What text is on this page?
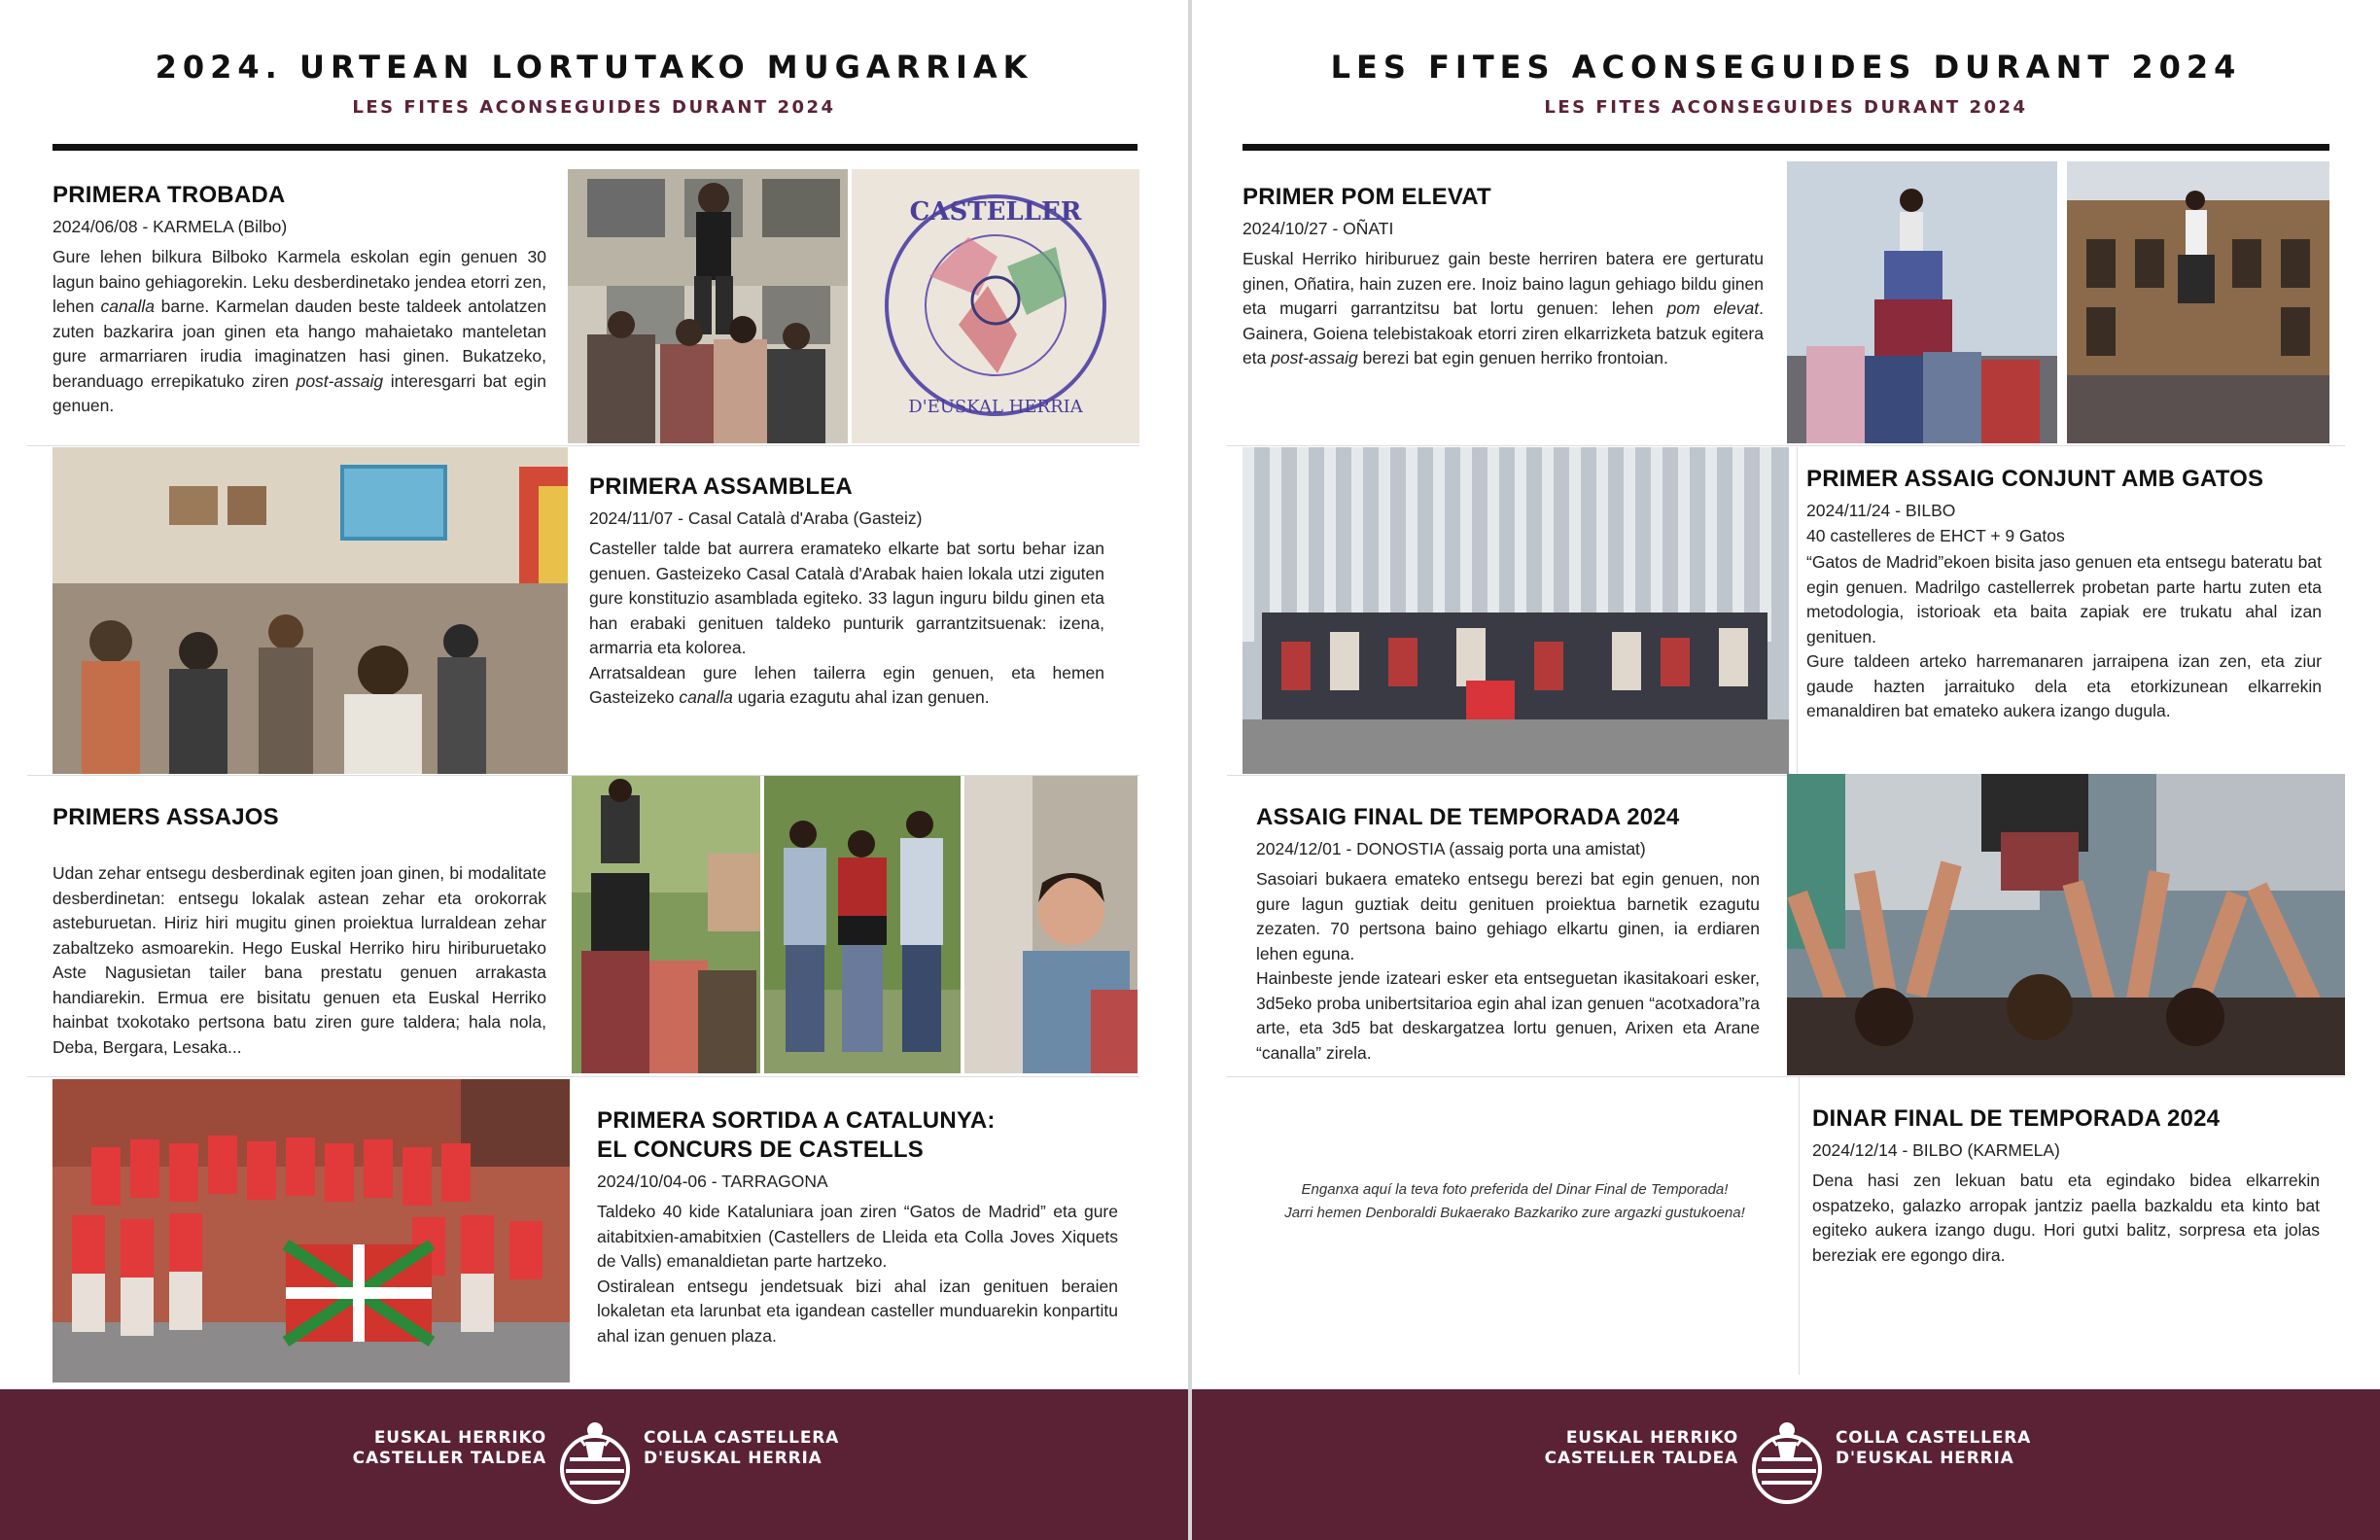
2024. URTEAN LORTUTAKO MUGARRIAK
LES FITES ACONSEGUIDES DURANT 2024
PRIMERA TROBADA
2024/06/08 - KARMELA (Bilbo)
Gure lehen bilkura Bilboko Karmela eskolan egin genuen 30 lagun baino gehiagorekin. Leku desberdinetako jendea etorri zen, lehen canalla barne. Karmelan dauden beste taldeek antolatzen zuten bazkarira joan ginen eta hango mahaietako manteletan gure armarriaren irudia imaginatzen hasi ginen. Bukatzeko, beranduago errepikatuko ziren post-assaig interesgarri bat egin genuen.
CASTELLER
D'EUSKAL HERRIA
PRIMERA ASSAMBLEA
2024/11/07 - Casal Català d'Araba (Gasteiz)
Casteller talde bat aurrera eramateko elkarte bat sortu behar izan genuen. Gasteizeko Casal Català d'Arabak haien lokala utzi ziguten gure konstituzio asamblada egiteko. 33 lagun inguru bildu ginen eta han erabaki genituen taldeko punturik garrantzitsuenak: izena, armarria eta kolorea.
Arratsaldean gure lehen tailerra egin genuen, eta hemen Gasteizeko canalla ugaria ezagutu ahal izan genuen.
PRIMERS ASSAJOS
Udan zehar entsegu desberdinak egiten joan ginen, bi modalitate desberdinetan: entsegu lokalak astean zehar eta orokorrak asteburuetan. Hiriz hiri mugitu ginen proiektua lurraldean zehar zabaltzeko asmoarekin. Hego Euskal Herriko hiru hiriburuetako Aste Nagusietan tailer bana prestatu genuen arrakasta handiarekin. Ermua ere bisitatu genuen eta Euskal Herriko hainbat txokotako pertsona batu ziren gure taldera; hala nola, Deba, Bergara, Lesaka...
PRIMERA SORTIDA A CATALUNYA:
EL CONCURS DE CASTELLS
2024/10/04-06 - TARRAGONA
Taldeko 40 kide Kataluniara joan ziren “Gatos de Madrid” eta gure aitabitxien-amabitxien (Castellers de Lleida eta Colla Joves Xiquets de Valls) emanaldietan parte hartzeko.
Ostiralean entsegu jendetsuak bizi ahal izan genituen beraien lokaletan eta larunbat eta igandean casteller munduarekin konpartitu ahal izan genuen plaza.
EUSKAL HERRIKO
CASTELLER TALDEA
COLLA CASTELLERA
D'EUSKAL HERRIA
LES FITES ACONSEGUIDES DURANT 2024
LES FITES ACONSEGUIDES DURANT 2024
PRIMER POM ELEVAT
2024/10/27 - OÑATI
Euskal Herriko hiriburuez gain beste herriren batera ere gerturatu ginen, Oñatira, hain zuzen ere. Inoiz baino lagun gehiago bildu ginen eta mugarri garrantzitsu bat lortu genuen: lehen pom elevat. Gainera, Goiena telebistakoak etorri ziren elkarrizketa batzuk egitera eta post-assaig berezi bat egin genuen herriko frontoian.
PRIMER ASSAIG CONJUNT AMB GATOS
2024/11/24 - BILBO
40 castelleres de EHCT + 9 Gatos
“Gatos de Madrid”ekoen bisita jaso genuen eta entsegu bateratu bat egin genuen. Madrilgo castellerrek probetan parte hartu zuten eta metodologia, istorioak eta baita zapiak ere trukatu ahal izan genituen.
Gure taldeen arteko harremanaren jarraipena izan zen, eta ziur gaude hazten jarraituko dela eta etorkizunean elkarrekin emanaldiren bat emateko aukera izango dugula.
ASSAIG FINAL DE TEMPORADA 2024
2024/12/01 - DONOSTIA (assaig porta una amistat)
Sasoiari bukaera emateko entsegu berezi bat egin genuen, non gure lagun guztiak deitu genituen proiektua barnetik ezagutu zezaten. 70 pertsona baino gehiago elkartu ginen, ia erdiaren lehen eguna.
Hainbeste jende izateari esker eta entseguetan ikasitakoari esker, 3d5eko proba unibertsitarioa egin ahal izan genuen “acotxadora”ra arte, eta 3d5 bat deskargatzea lortu genuen, Arixen eta Arane “canalla” zirela.
Enganxa aquí la teva foto preferida del Dinar Final de Temporada!
Jarri hemen Denboraldi Bukaerako Bazkariko zure argazki gustukoena!
DINAR FINAL DE TEMPORADA 2024
2024/12/14 - BILBO (KARMELA)
Dena hasi zen lekuan batu eta egindako bidea elkarrekin ospatzeko, galazko arropak jantziz paella bazkaldu eta kinto bat egiteko aukera izango dugu. Hori gutxi balitz, sorpresa eta jolas bereziak ere egongo dira.
EUSKAL HERRIKO
CASTELLER TALDEA
COLLA CASTELLERA
D'EUSKAL HERRIA
